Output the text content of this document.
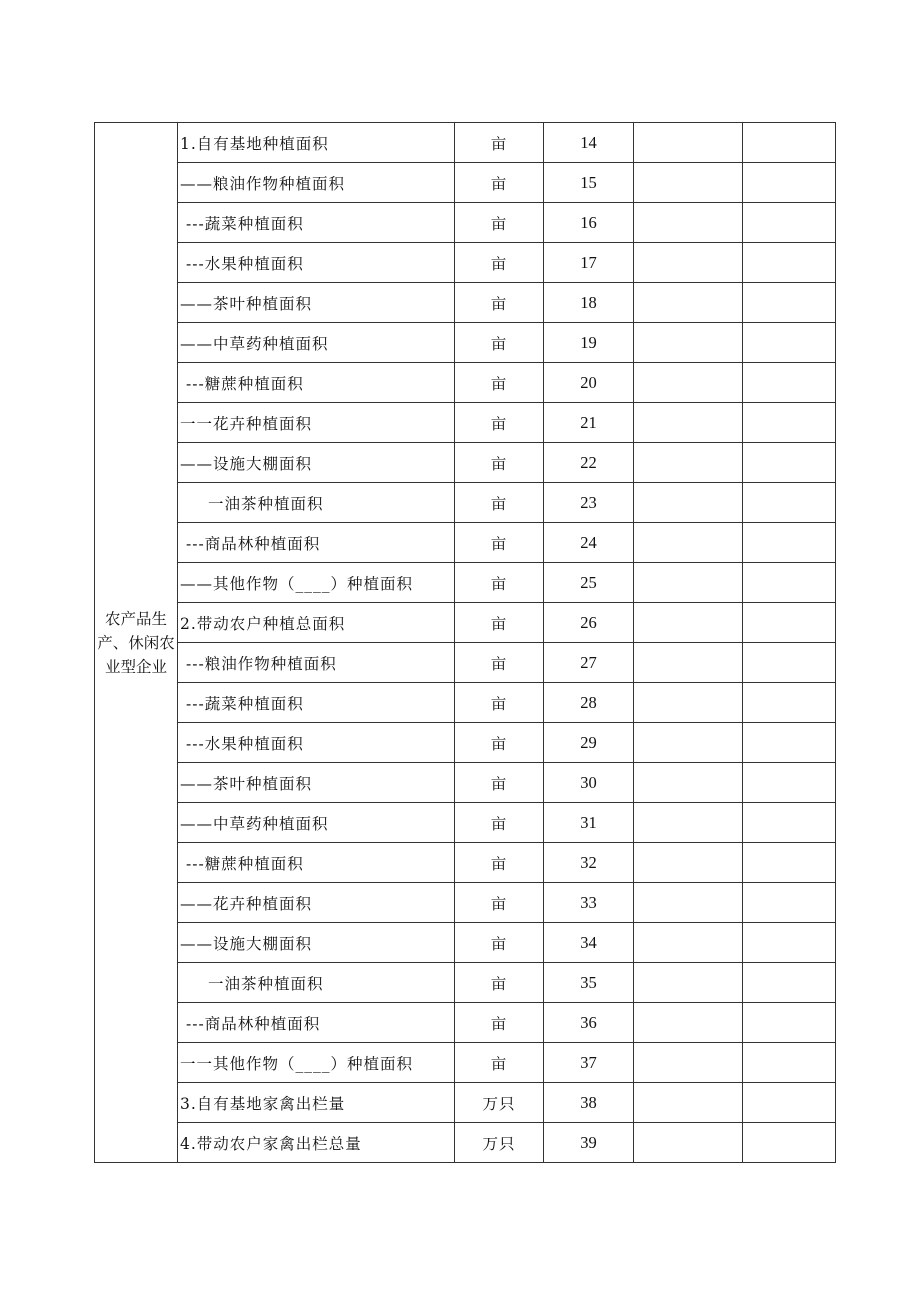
农产品生产、休闲农业型企业	1.自有基地种植面积	亩	14		
	——粮油作物种植面积	亩	15		
	---蔬菜种植面积	亩	16		
	---水果种植面积	亩	17		
	——茶叶种植面积	亩	18		
	——中草药种植面积	亩	19		
	---糖蔗种植面积	亩	20		
	一一花卉种植面积	亩	21		
	——设施大棚面积	亩	22		
	一油茶种植面积	亩	23		
	---商品林种植面积	亩	24		
	——其他作物（____）种植面积	亩	25		
	2.带动农户种植总面积	亩	26		
	---粮油作物种植面积	亩	27		
	---蔬菜种植面积	亩	28		
	---水果种植面积	亩	29		
	——茶叶种植面积	亩	30		
	——中草药种植面积	亩	31		
	---糖蔗种植面积	亩	32		
	——花卉种植面积	亩	33		
	——设施大棚面积	亩	34		
	一油茶种植面积	亩	35		
	---商品林种植面积	亩	36		
	一一其他作物（____）种植面积	亩	37		
	3.自有基地家禽出栏量	万只	38		
	4.带动农户家禽出栏总量	万只	39		
